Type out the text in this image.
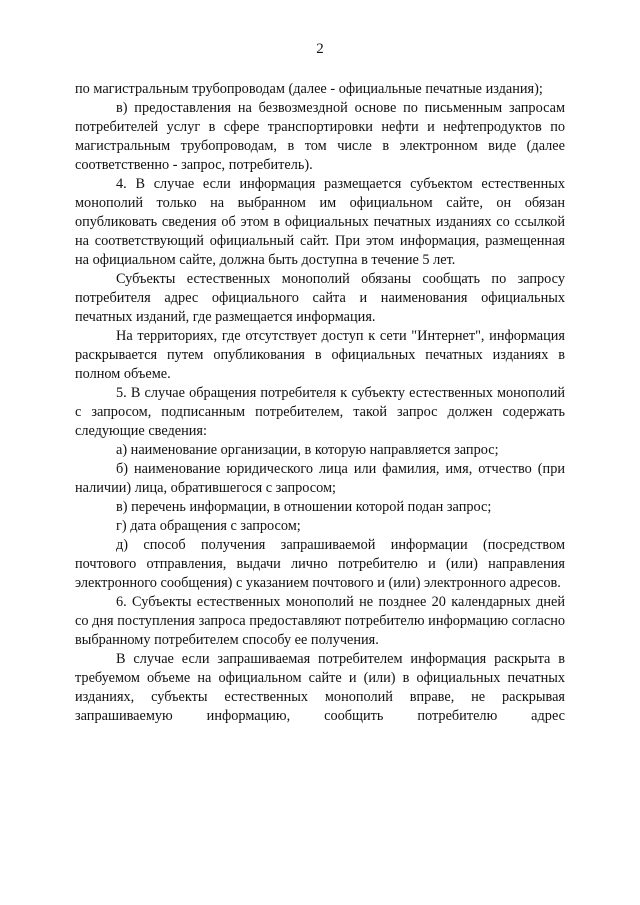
2

по магистральным трубопроводам (далее - официальные печатные издания);

в) предоставления на безвозмездной основе по письменным запросам потребителей услуг в сфере транспортировки нефти и нефтепродуктов по магистральным трубопроводам, в том числе в электронном виде (далее соответственно - запрос, потребитель).

4. В случае если информация размещается субъектом естественных монополий только на выбранном им официальном сайте, он обязан опубликовать сведения об этом в официальных печатных изданиях со ссылкой на соответствующий официальный сайт. При этом информация, размещенная на официальном сайте, должна быть доступна в течение 5 лет.

Субъекты естественных монополий обязаны сообщать по запросу потребителя адрес официального сайта и наименования официальных печатных изданий, где размещается информация.

На территориях, где отсутствует доступ к сети "Интернет", информация раскрывается путем опубликования в официальных печатных изданиях в полном объеме.

5. В случае обращения потребителя к субъекту естественных монополий с запросом, подписанным потребителем, такой запрос должен содержать следующие сведения:

а) наименование организации, в которую направляется запрос;

б) наименование юридического лица или фамилия, имя, отчество (при наличии) лица, обратившегося с запросом;

в) перечень информации, в отношении которой подан запрос;

г) дата обращения с запросом;

д) способ получения запрашиваемой информации (посредством почтового отправления, выдачи лично потребителю и (или) направления электронного сообщения) с указанием почтового и (или) электронного адресов.

6. Субъекты естественных монополий не позднее 20 календарных дней со дня поступления запроса предоставляют потребителю информацию согласно выбранному потребителем способу ее получения.

В случае если запрашиваемая потребителем информация раскрыта в требуемом объеме на официальном сайте и (или) в официальных печатных изданиях, субъекты естественных монополий вправе, не раскрывая запрашиваемую информацию, сообщить потребителю адрес
